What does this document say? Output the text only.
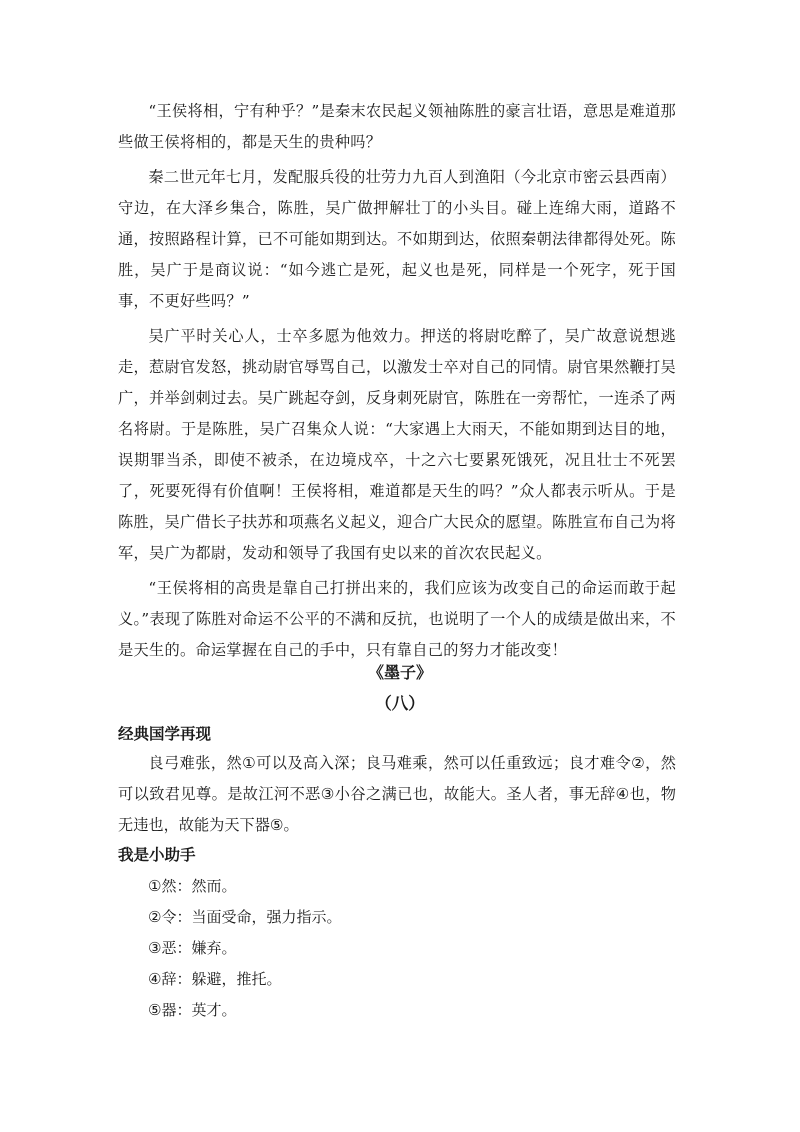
“王侯将相，宁有种乎？”是秦末农民起义领袖陈胜的豪言壮语，意思是难道那些做王侯将相的，都是天生的贵种吗？

秦二世元年七月，发配服兵役的壮劳力九百人到渔阳（今北京市密云县西南）守边，在大泽乡集合，陈胜，吴广做押解壮丁的小头目。碰上连绵大雨，道路不通，按照路程计算，已不可能如期到达。不如期到达，依照秦朝法律都得处死。陈胜，吴广于是商议说：“如今逃亡是死，起义也是死，同样是一个死字，死于国事，不更好些吗？”

吴广平时关心人，士卒多愿为他效力。押送的将尉吃醉了，吴广故意说想逃走，惹尉官发怒，挑动尉官辱骂自己，以激发士卒对自己的同情。尉官果然鞭打吴广，并举剑刺过去。吴广跳起夺剑，反身刺死尉官，陈胜在一旁帮忙，一连杀了两名将尉。于是陈胜，吴广召集众人说：“大家遇上大雨天，不能如期到达目的地，误期罪当杀，即使不被杀，在边境戍卒，十之六七要累死饿死，况且壮士不死罢了，死要死得有价值啊！王侯将相，难道都是天生的吗？”众人都表示听从。于是陈胜，吴广借长子扶苏和项燕名义起义，迎合广大民众的愿望。陈胜宣布自己为将军，吴广为都尉，发动和领导了我国有史以来的首次农民起义。

“王侯将相的高贵是靠自己打拼出来的，我们应该为改变自己的命运而敢于起义。”表现了陈胜对命运不公平的不满和反抗，也说明了一个人的成绩是做出来，不是天生的。命运掌握在自己的手中，只有靠自己的努力才能改变！

《墨子》
（八）
经典国学再现

良弓难张，然①可以及高入深；良马难乘，然可以任重致远；良才难令②，然可以致君见尊。是故江河不恶③小谷之满已也，故能大。圣人者，事无辞④也，物无违也，故能为天下器⑤。

我是小助手
①然：然而。
②令：当面受命，强力指示。
③恶：嫌弃。
④辞：躲避，推托。
⑤器：英才。
